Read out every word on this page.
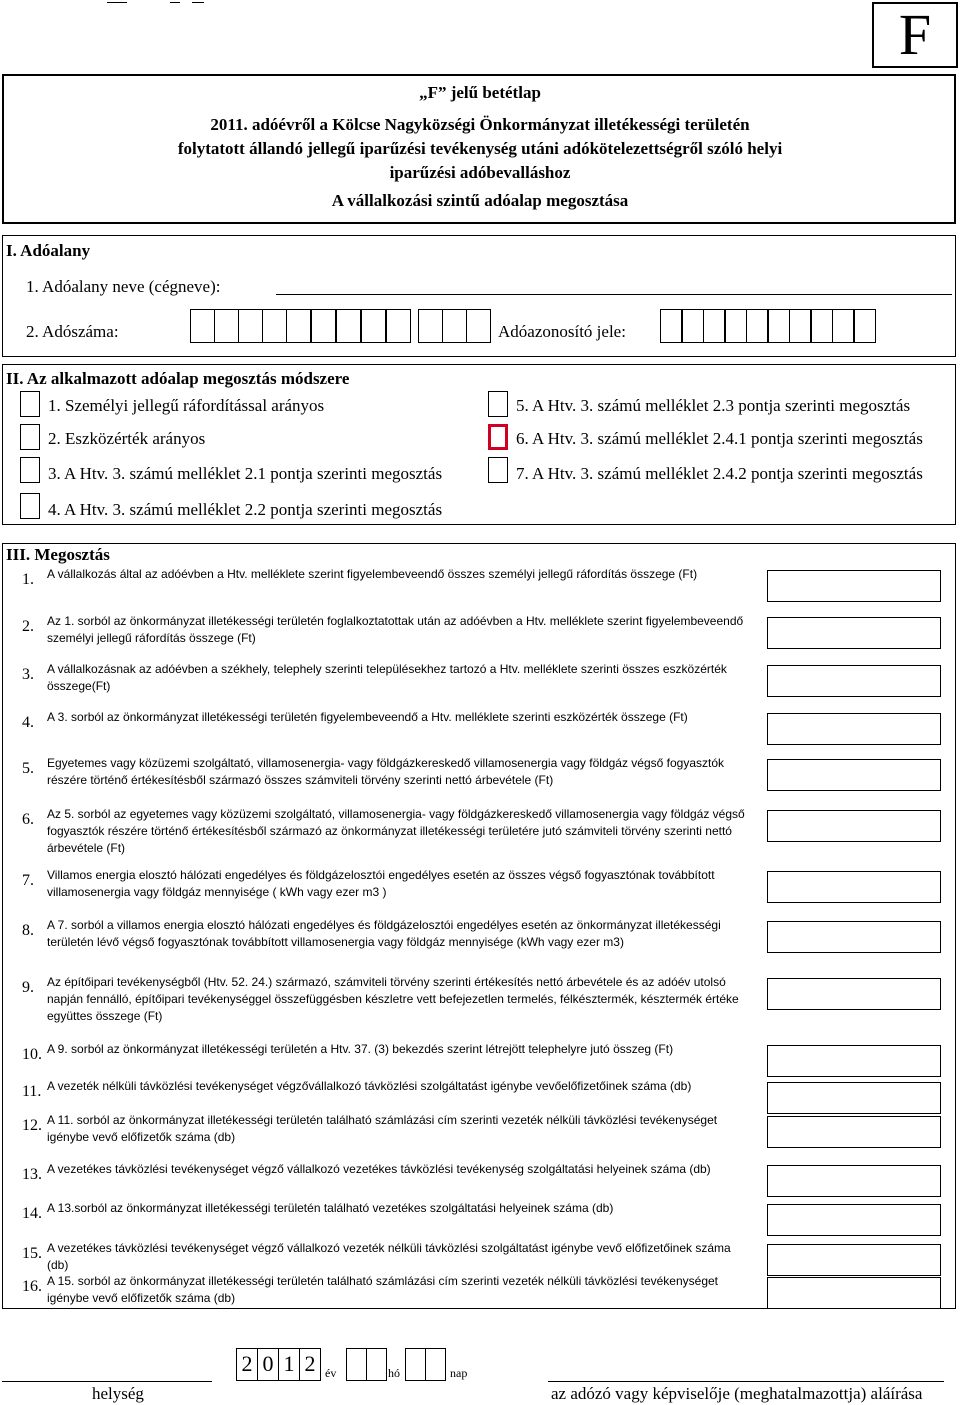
F
„F” jelű betétlap
2011. adóévről a Kölcse Nagyközségi Önkormányzat illetékességi területén
folytatott állandó jellegű iparűzési tevékenység utáni adókötelezettségről szóló helyi
iparűzési adóbevalláshoz
A vállalkozási szintű adóalap megosztása
I. Adóalany
1. Adóalany neve (cégneve):
2. Adószáma:	Adóazonosító jele:
II. Az alkalmazott adóalap megosztás módszere
1. Személyi jellegű ráfordítással arányos
2. Eszközérték arányos
3. A Htv. 3. számú melléklet 2.1 pontja szerinti megosztás
4. A Htv. 3. számú melléklet 2.2 pontja szerinti megosztás
5. A Htv. 3. számú melléklet 2.3 pontja szerinti megosztás
6. A Htv. 3. számú melléklet 2.4.1 pontja szerinti megosztás
7. A Htv. 3. számú melléklet 2.4.2 pontja szerinti megosztás
III. Megosztás
1. A vállalkozás által az adóévben a Htv. melléklete szerint figyelembeveendő összes személyi jellegű ráfordítás összege (Ft)
2. Az 1. sorból az önkormányzat illetékességi területén foglalkoztatottak után az adóévben a Htv. melléklete szerint figyelembeveendő személyi jellegű ráfordítás összege (Ft)
3. A vállalkozásnak az adóévben a székhely, telephely szerinti településekhez tartozó a Htv. melléklete szerinti összes eszközérték összege(Ft)
4. A 3. sorból az önkormányzat illetékességi területén figyelembeveendő a Htv. melléklete szerinti eszközérték összege (Ft)
5. Egyetemes vagy közüzemi szolgáltató, villamosenergia- vagy földgázkereskedő villamosenergia vagy földgáz végső fogyasztók részére történő értékesítésből származó összes számviteli törvény szerinti nettó árbevétele (Ft)
6. Az 5. sorból az egyetemes vagy közüzemi szolgáltató, villamosenergia- vagy földgázkereskedő villamosenergia vagy földgáz végső fogyasztók részére történő értékesítésből származó az önkormányzat illetékességi területére jutó számviteli törvény szerinti nettó árbevétele (Ft)
7. Villamos energia elosztó hálózati engedélyes és földgázelosztói engedélyes esetén az összes végső fogyasztónak továbbított villamosenergia vagy földgáz mennyisége ( kWh vagy ezer m3 )
8. A 7. sorból a villamos energia elosztó hálózati engedélyes és földgázelosztói engedélyes esetén az önkormányzat illetékességi területén lévő végső fogyasztónak továbbított villamosenergia vagy földgáz mennyisége (kWh vagy ezer m3)
9. Az építőipari tevékenységből (Htv. 52. 24.) származó, számviteli törvény szerinti értékesítés nettó árbevétele és az adóév utolsó napján fennálló, építőipari tevékenységgel összefüggésben készletre vett befejezetlen termelés, félkésztermék, késztermék értéke együttes összege (Ft)
10. A 9. sorból az önkormányzat illetékességi területén a Htv. 37. (3) bekezdés szerint létrejött telephelyre jutó összeg (Ft)
11. A vezeték nélküli távközlési tevékenységet végzővállalkozó távközlési szolgáltatást igénybe vevőelőfizetőinek száma (db)
12. A 11. sorból az önkormányzat illetékességi területén található számlázási cím szerinti vezeték nélküli távközlési tevékenységet igénybe vevő előfizetők száma (db)
13. A vezetékes távközlési tevékenységet végző vállalkozó vezetékes távközlési tevékenység szolgáltatási helyeinek száma (db)
14. A 13.sorból az önkormányzat illetékességi területén található vezetékes szolgáltatási helyeinek száma (db)
15. A vezetékes távközlési tevékenységet végző vállalkozó vezeték nélküli távközlési szolgáltatást igénybe vevő előfizetőinek száma (db)
16. A 15. sorból az önkormányzat illetékességi területén található számlázási cím szerinti vezeték nélküli távközlési tevékenységet igénybe vevő előfizetők száma (db)
2 0 1 2 év	hó	nap
helység	az adózó vagy képviselője (meghatalmazottja) aláírása
